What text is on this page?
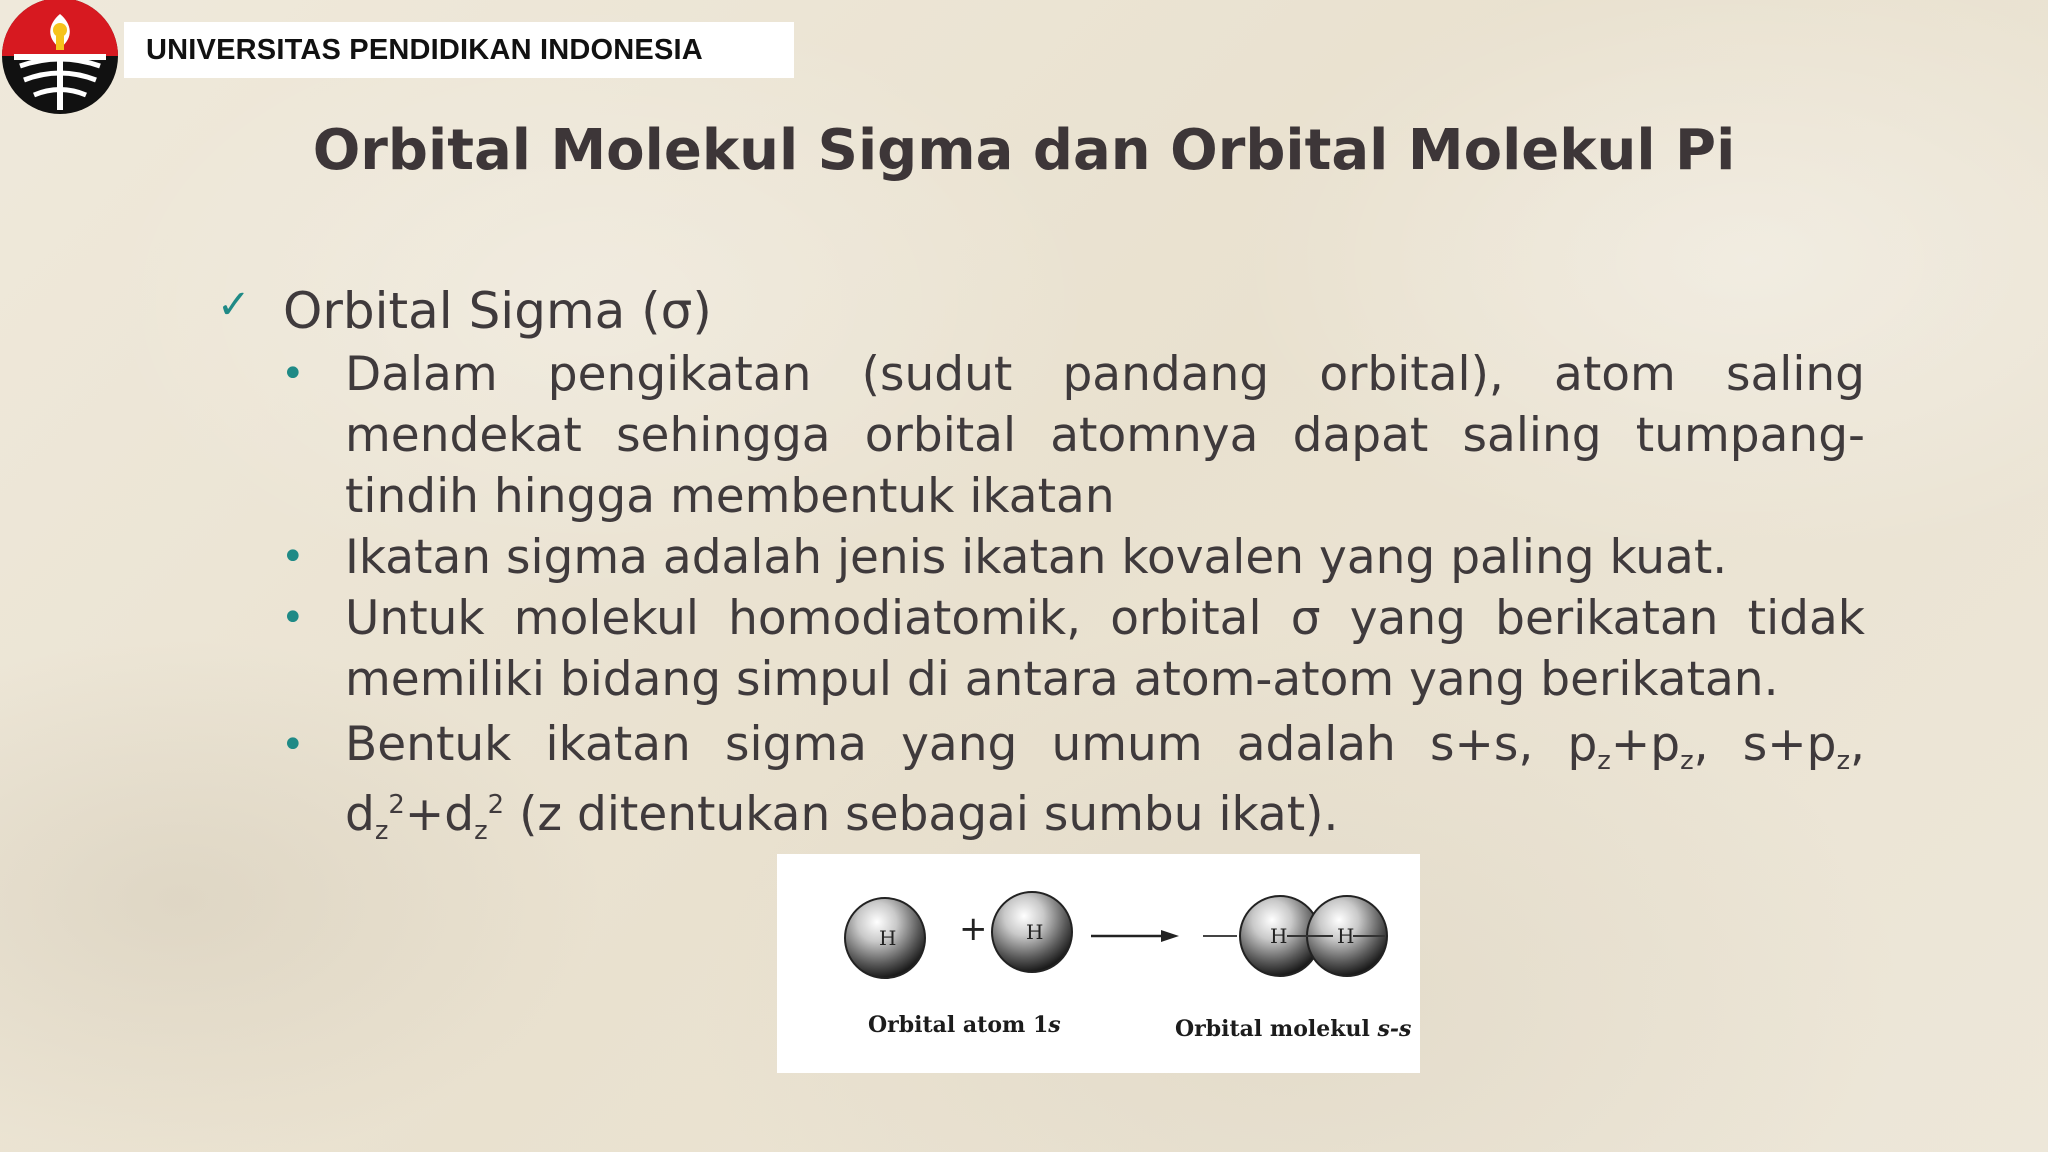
UNIVERSITAS PENDIDIKAN INDONESIA
Orbital Molekul Sigma dan Orbital Molekul Pi
✓ Orbital Sigma (σ)
• Dalam pengikatan (sudut pandang orbital), atom saling mendekat sehingga orbital atomnya dapat saling tumpang-tindih hingga membentuk ikatan
• Ikatan sigma adalah jenis ikatan kovalen yang paling kuat.
• Untuk molekul homodiatomik, orbital σ yang berikatan tidak memiliki bidang simpul di antara atom-atom yang berikatan.
• Bentuk ikatan sigma yang umum adalah s+s, $p_z+p_z$, $s+p_z$, $d_z^2+d_z^2$ (z ditentukan sebagai sumbu ikat).
H + H	H H
Orbital atom 1s	Orbital molekul s-s
